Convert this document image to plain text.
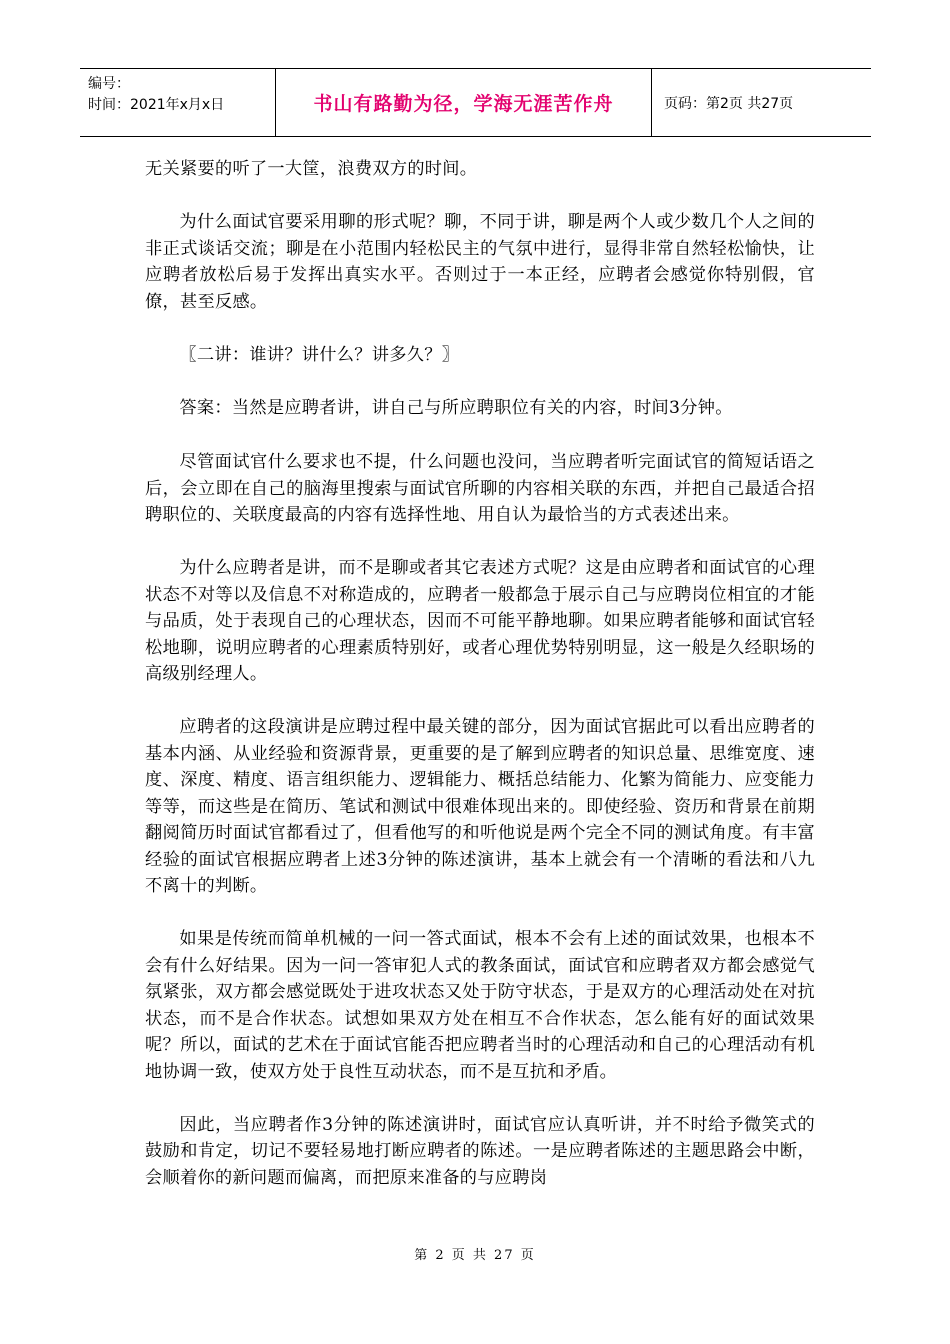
编号：
时间：2021年x月x日	书山有路勤为径，学海无涯苦作舟	页码：第2页 共27页

无关紧要的听了一大筐，浪费双方的时间。

为什么面试官要采用聊的形式呢？聊，不同于讲，聊是两个人或少数几个人之间的非正式谈话交流；聊是在小范围内轻松民主的气氛中进行，显得非常自然轻松愉快，让应聘者放松后易于发挥出真实水平。否则过于一本正经，应聘者会感觉你特别假，官僚，甚至反感。

〖二讲：谁讲？讲什么？讲多久？〗

答案：当然是应聘者讲，讲自己与所应聘职位有关的内容，时间3分钟。

尽管面试官什么要求也不提，什么问题也没问，当应聘者听完面试官的简短话语之后，会立即在自己的脑海里搜索与面试官所聊的内容相关联的东西，并把自己最适合招聘职位的、关联度最高的内容有选择性地、用自认为最恰当的方式表述出来。

为什么应聘者是讲，而不是聊或者其它表述方式呢？这是由应聘者和面试官的心理状态不对等以及信息不对称造成的，应聘者一般都急于展示自己与应聘岗位相宜的才能与品质，处于表现自己的心理状态，因而不可能平静地聊。如果应聘者能够和面试官轻松地聊，说明应聘者的心理素质特别好，或者心理优势特别明显，这一般是久经职场的高级别经理人。

应聘者的这段演讲是应聘过程中最关键的部分，因为面试官据此可以看出应聘者的基本内涵、从业经验和资源背景，更重要的是了解到应聘者的知识总量、思维宽度、速度、深度、精度、语言组织能力、逻辑能力、概括总结能力、化繁为简能力、应变能力等等，而这些是在简历、笔试和测试中很难体现出来的。即使经验、资历和背景在前期翻阅简历时面试官都看过了，但看他写的和听他说是两个完全不同的测试角度。有丰富经验的面试官根据应聘者上述3分钟的陈述演讲，基本上就会有一个清晰的看法和八九不离十的判断。

如果是传统而简单机械的一问一答式面试，根本不会有上述的面试效果，也根本不会有什么好结果。因为一问一答审犯人式的教条面试，面试官和应聘者双方都会感觉气氛紧张，双方都会感觉既处于进攻状态又处于防守状态，于是双方的心理活动处在对抗状态，而不是合作状态。试想如果双方处在相互不合作状态，怎么能有好的面试效果呢？所以，面试的艺术在于面试官能否把应聘者当时的心理活动和自己的心理活动有机地协调一致，使双方处于良性互动状态，而不是互抗和矛盾。

因此，当应聘者作3分钟的陈述演讲时，面试官应认真听讲，并不时给予微笑式的鼓励和肯定，切记不要轻易地打断应聘者的陈述。一是应聘者陈述的主题思路会中断，会顺着你的新问题而偏离，而把原来准备的与应聘岗

第 2 页 共 27 页
